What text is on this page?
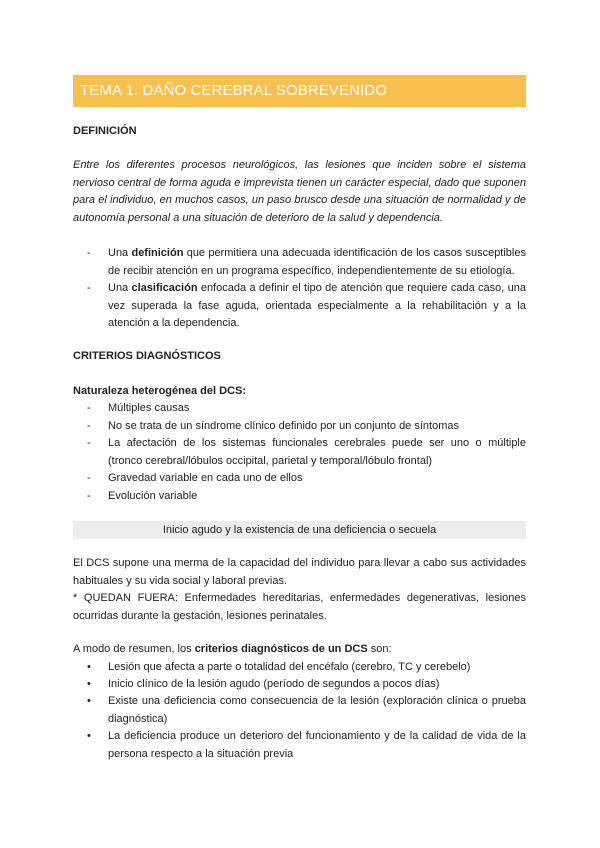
TEMA 1. DAÑO CEREBRAL SOBREVENIDO
DEFINICIÓN
Entre los diferentes procesos neurológicos, las lesiones que inciden sobre el sistema nervioso central de forma aguda e imprevista tienen un carácter especial, dado que suponen para el individuo, en muchos casos, un paso brusco desde una situación de normalidad y de autonomía personal a una situación de deterioro de la salud y dependencia.
- Una definición que permitiera una adecuada identificación de los casos susceptibles de recibir atención en un programa específico, independientemente de su etiología.
- Una clasificación enfocada a definir el tipo de atención que requiere cada caso, una vez superada la fase aguda, orientada especialmente a la rehabilitación y a la atención a la dependencia.
CRITERIOS DIAGNÓSTICOS
Naturaleza heterogénea del DCS:
- Múltiples causas
- No se trata de un síndrome clínico definido por un conjunto de síntomas
- La afectación de los sistemas funcionales cerebrales puede ser uno o múltiple (tronco cerebral/lóbulos occipital, parietal y temporal/lóbulo frontal)
- Gravedad variable en cada uno de ellos
- Evolución variable
Inicio agudo y la existencia de una deficiencia o secuela
El DCS supone una merma de la capacidad del individuo para llevar a cabo sus actividades habituales y su vida social y laboral previas.
* QUEDAN FUERA: Enfermedades hereditarias, enfermedades degenerativas, lesiones ocurridas durante la gestación, lesiones perinatales.
A modo de resumen, los criterios diagnósticos de un DCS son:
• Lesión que afecta a parte o totalidad del encéfalo (cerebro, TC y cerebelo)
• Inicio clínico de la lesión agudo (período de segundos a pocos días)
• Existe una deficiencia como consecuencia de la lesión (exploración clínica o prueba diagnóstica)
• La deficiencia produce un deterioro del funcionamiento y de la calidad de vida de la persona respecto a la situación previa
